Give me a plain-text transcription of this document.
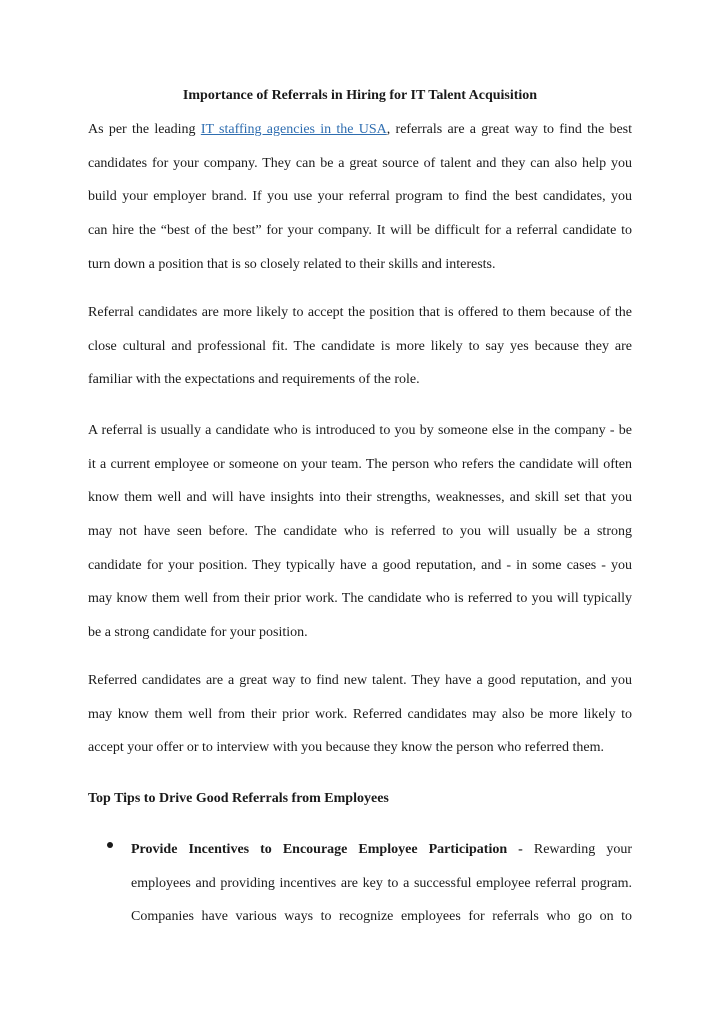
Importance of Referrals in Hiring for IT Talent Acquisition

As per the leading IT staffing agencies in the USA, referrals are a great way to find the best
candidates for your company. They can be a great source of talent and they can also help you
build your employer brand. If you use your referral program to find the best candidates, you
can hire the “best of the best” for your company. It will be difficult for a referral candidate to
turn down a position that is so closely related to their skills and interests.

Referral candidates are more likely to accept the position that is offered to them because of the
close cultural and professional fit. The candidate is more likely to say yes because they are
familiar with the expectations and requirements of the role.

A referral is usually a candidate who is introduced to you by someone else in the company - be
it a current employee or someone on your team. The person who refers the candidate will often
know them well and will have insights into their strengths, weaknesses, and skill set that you
may not have seen before. The candidate who is referred to you will usually be a strong
candidate for your position. They typically have a good reputation, and - in some cases - you
may know them well from their prior work. The candidate who is referred to you will typically
be a strong candidate for your position.

Referred candidates are a great way to find new talent. They have a good reputation, and you
may know them well from their prior work. Referred candidates may also be more likely to
accept your offer or to interview with you because they know the person who referred them.

Top Tips to Drive Good Referrals from Employees
Provide Incentives to Encourage Employee Participation - Rewarding your
employees and providing incentives are key to a successful employee referral program.
Companies have various ways to recognize employees for referrals who go on to
